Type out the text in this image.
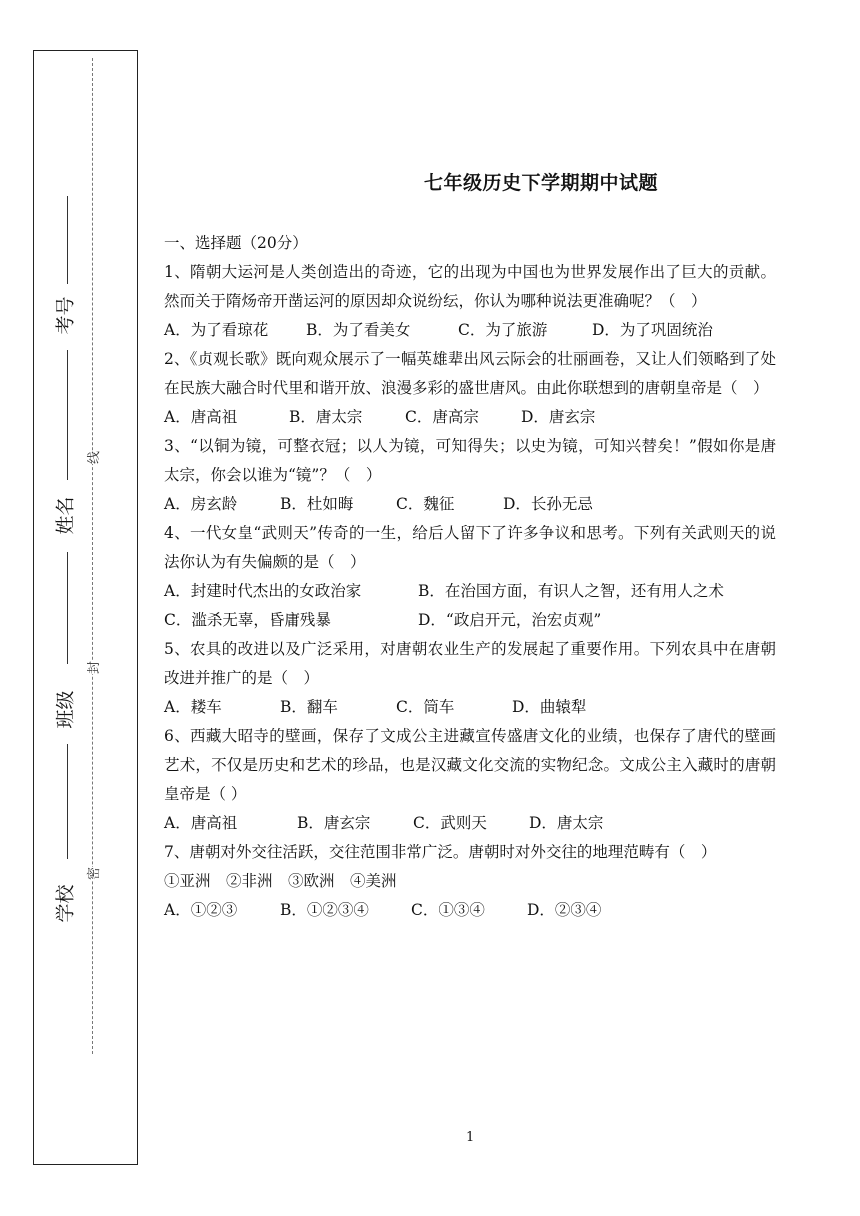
线
封
密
考号
姓名
班级
学校
七年级历史下学期期中试题
一、选择题（20分）
1、隋朝大运河是人类创造出的奇迹，它的出现为中国也为世界发展作出了巨大的贡献。然而关于隋炀帝开凿运河的原因却众说纷纭，你认为哪种说法更准确呢？（　）
A．为了看琼花 B．为了看美女	C．为了旅游	D．为了巩固统治
2、《贞观长歌》既向观众展示了一幅英雄辈出风云际会的壮丽画卷，又让人们领略到了处在民族大融合时代里和谐开放、浪漫多彩的盛世唐风。由此你联想到的唐朝皇帝是（　）
A．唐高祖	B．唐太宗	C．唐高宗	D．唐玄宗
3、“以铜为镜，可整衣冠；以人为镜，可知得失；以史为镜，可知兴替矣！”假如你是唐太宗，你会以谁为“镜”？（　）
A．房玄龄	B．杜如晦	C．魏征	D．长孙无忌
4、一代女皇“武则天”传奇的一生，给后人留下了许多争议和思考。下列有关武则天的说法你认为有失偏颇的是（　）
A．封建时代杰出的女政治家	B．在治国方面，有识人之智，还有用人之术
C．滥杀无辜，昏庸残暴	D．“政启开元，治宏贞观”
5、农具的改进以及广泛采用，对唐朝农业生产的发展起了重要作用。下列农具中在唐朝改进并推广的是（　）
A．耧车	B．翻车	C．筒车	D．曲辕犁
6、西藏大昭寺的壁画，保存了文成公主进藏宣传盛唐文化的业绩，也保存了唐代的壁画艺术，不仅是历史和艺术的珍品，也是汉藏文化交流的实物纪念。文成公主入藏时的唐朝皇帝是（ ）
A．唐高祖	B．唐玄宗	C．武则天	D．唐太宗
7、唐朝对外交往活跃，交往范围非常广泛。唐朝时对外交往的地理范畴有（　）
①亚洲　②非洲　③欧洲　④美洲
A．①②③	B．①②③④	C．①③④	D．②③④
1
